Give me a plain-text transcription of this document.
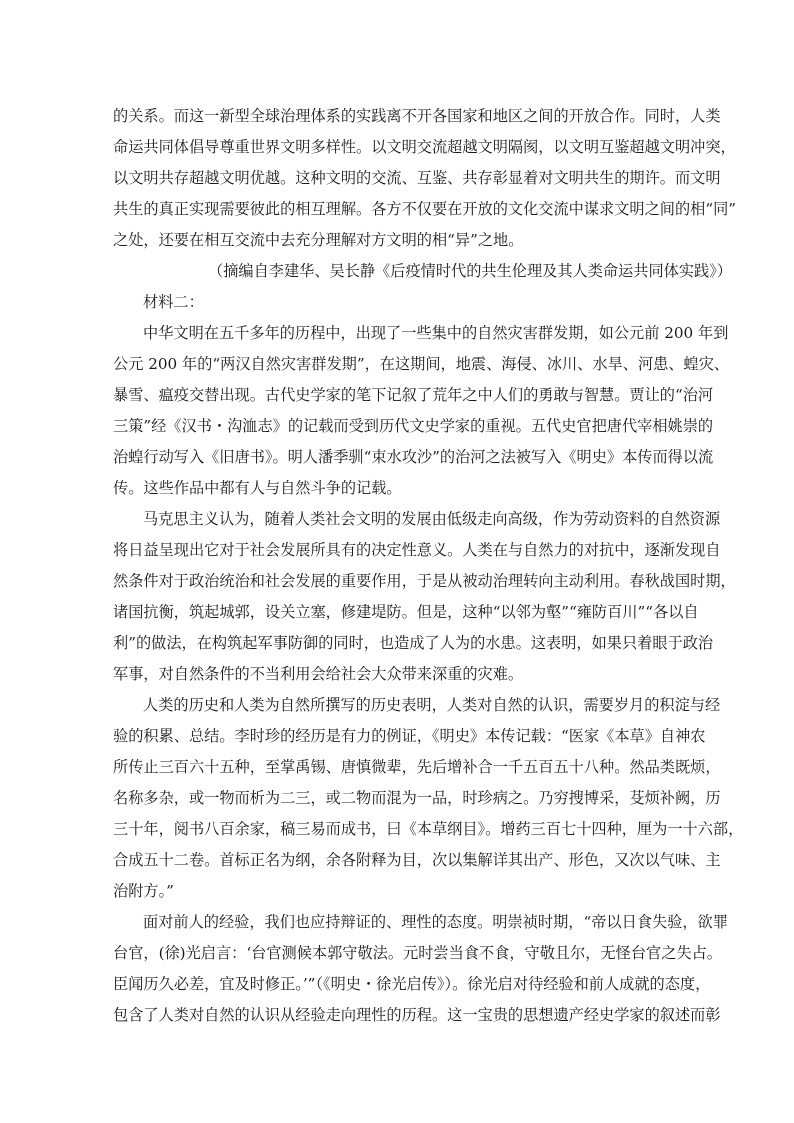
的关系。而这一新型全球治理体系的实践离不开各国家和地区之间的开放合作。同时，人类
命运共同体倡导尊重世界文明多样性。以文明交流超越文明隔阂，以文明互鉴超越文明冲突，
以文明共存超越文明优越。这种文明的交流、互鉴、共存彰显着对文明共生的期许。而文明
共生的真正实现需要彼此的相互理解。各方不仅要在开放的文化交流中谋求文明之间的相“同”
之处，还要在相互交流中去充分理解对方文明的相“异”之地。
（摘编自李建华、吴长静《后疫情时代的共生伦理及其人类命运共同体实践》）
材料二：
中华文明在五千多年的历程中，出现了一些集中的自然灾害群发期，如公元前 200 年到
公元 200 年的“两汉自然灾害群发期”，在这期间，地震、海侵、冰川、水旱、河患、蝗灾、
暴雪、瘟疫交替出现。古代史学家的笔下记叙了荒年之中人们的勇敢与智慧。贾让的“治河
三策”经《汉书・沟洫志》的记载而受到历代文史学家的重视。五代史官把唐代宰相姚崇的
治蝗行动写入《旧唐书》。明人潘季驯“束水攻沙”的治河之法被写入《明史》本传而得以流
传。这些作品中都有人与自然斗争的记载。
马克思主义认为，随着人类社会文明的发展由低级走向高级，作为劳动资料的自然资源
将日益呈现出它对于社会发展所具有的决定性意义。人类在与自然力的对抗中，逐渐发现自
然条件对于政治统治和社会发展的重要作用，于是从被动治理转向主动利用。春秋战国时期，
诸国抗衡，筑起城郭，设关立塞，修建堤防。但是，这种“以邻为壑”“雍防百川”“各以自
利”的做法，在构筑起军事防御的同时，也造成了人为的水患。这表明，如果只着眼于政治
军事，对自然条件的不当利用会给社会大众带来深重的灾难。
人类的历史和人类为自然所撰写的历史表明，人类对自然的认识，需要岁月的积淀与经
验的积累、总结。李时珍的经历是有力的例证，《明史》本传记载：“医家《本草》自神农
所传止三百六十五种，至掌禹锡、唐慎微辈，先后增补合一千五百五十八种。然品类既烦，
名称多杂，或一物而析为二三，或二物而混为一品，时珍病之。乃穷搜博采，芟烦补阙，历
三十年，阅书八百余家，稿三易而成书，曰《本草纲目》。增药三百七十四种，厘为一十六部，
合成五十二卷。首标正名为纲，余各附释为目，次以集解详其出产、形色，又次以气味、主
治附方。”
面对前人的经验，我们也应持辩证的、理性的态度。明崇祯时期，“帝以日食失验，欲罪
台官，(徐)光启言：‘台官测候本郭守敬法。元时尝当食不食，守敬且尔，无怪台官之失占。
臣闻历久必差，宜及时修正。’”（《明史・徐光启传》）。徐光启对待经验和前人成就的态度，
包含了人类对自然的认识从经验走向理性的历程。这一宝贵的思想遗产经史学家的叙述而彰
